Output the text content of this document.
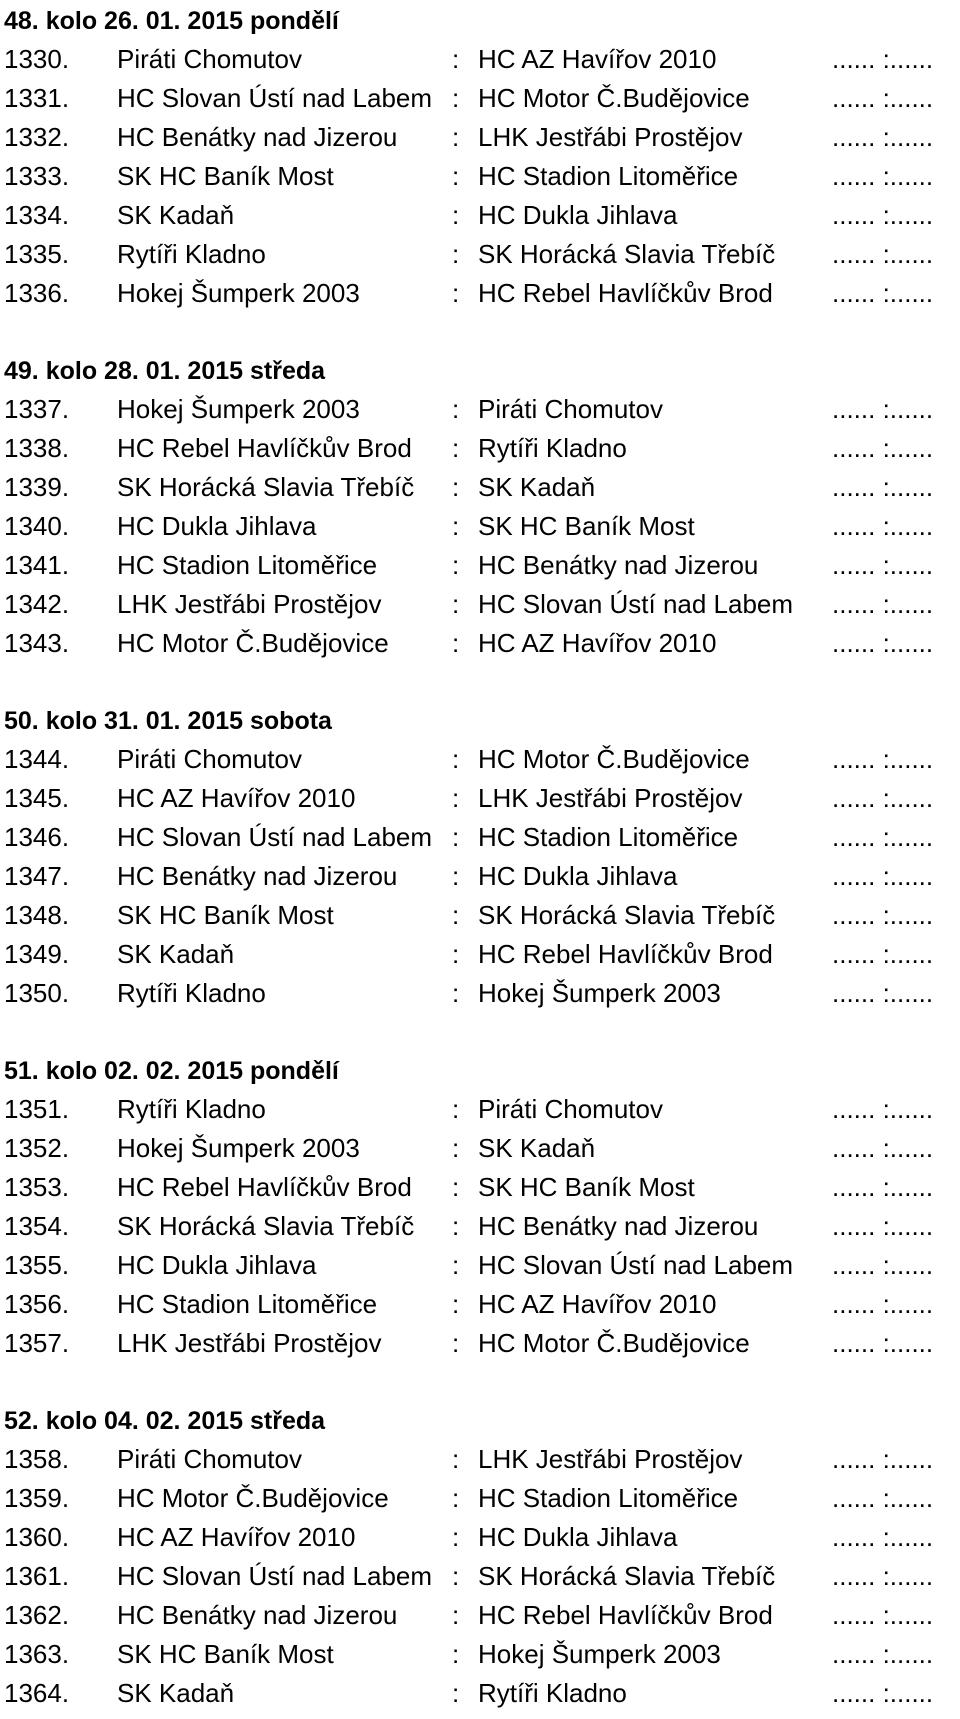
48. kolo 26. 01. 2015 pondělí
1330. Piráti Chomutov	: HC AZ Havířov 2010	...... :......
1331. HC Slovan Ústí nad Labem : HC Motor Č.Budějovice	...... :......
1332. HC Benátky nad Jizerou : LHK Jestřábi Prostějov	...... :......
1333. SK HC Baník Most	: HC Stadion Litoměřice	...... :......
1334. SK Kadaň	: HC Dukla Jihlava	...... :......
1335. Rytíři Kladno	: SK Horácká Slavia Třebíč ...... :......
1336. Hokej Šumperk 2003	: HC Rebel Havlíčkův Brod ...... :......
49. kolo 28. 01. 2015 středa
1337. Hokej Šumperk 2003	: Piráti Chomutov	...... :......
1338. HC Rebel Havlíčkův Brod : Rytíři Kladno	...... :......
1339. SK Horácká Slavia Třebíč : SK Kadaň	...... :......
1340. HC Dukla Jihlava	: SK HC Baník Most	...... :......
1341. HC Stadion Litoměřice	: HC Benátky nad Jizerou	...... :......
1342. LHK Jestřábi Prostějov	: HC Slovan Ústí nad Labem ...... :......
1343. HC Motor Č.Budějovice : HC AZ Havířov 2010	...... :......
50. kolo 31. 01. 2015 sobota
1344. Piráti Chomutov	: HC Motor Č.Budějovice	...... :......
1345. HC AZ Havířov 2010	: LHK Jestřábi Prostějov	...... :......
1346. HC Slovan Ústí nad Labem : HC Stadion Litoměřice	...... :......
1347. HC Benátky nad Jizerou : HC Dukla Jihlava	...... :......
1348. SK HC Baník Most	: SK Horácká Slavia Třebíč ...... :......
1349. SK Kadaň	: HC Rebel Havlíčkův Brod ...... :......
1350. Rytíři Kladno	: Hokej Šumperk 2003	...... :......
51. kolo 02. 02. 2015 pondělí
1351. Rytíři Kladno	: Piráti Chomutov	...... :......
1352. Hokej Šumperk 2003	: SK Kadaň	...... :......
1353. HC Rebel Havlíčkův Brod : SK HC Baník Most	...... :......
1354. SK Horácká Slavia Třebíč : HC Benátky nad Jizerou	...... :......
1355. HC Dukla Jihlava	: HC Slovan Ústí nad Labem ...... :......
1356. HC Stadion Litoměřice	: HC AZ Havířov 2010	...... :......
1357. LHK Jestřábi Prostějov	: HC Motor Č.Budějovice	...... :......
52. kolo 04. 02. 2015 středa
1358. Piráti Chomutov	: LHK Jestřábi Prostějov	...... :......
1359. HC Motor Č.Budějovice : HC Stadion Litoměřice	...... :......
1360. HC AZ Havířov 2010	: HC Dukla Jihlava	...... :......
1361. HC Slovan Ústí nad Labem : SK Horácká Slavia Třebíč ...... :......
1362. HC Benátky nad Jizerou : HC Rebel Havlíčkův Brod ...... :......
1363. SK HC Baník Most	: Hokej Šumperk 2003	...... :......
1364. SK Kadaň	: Rytíři Kladno	...... :......
